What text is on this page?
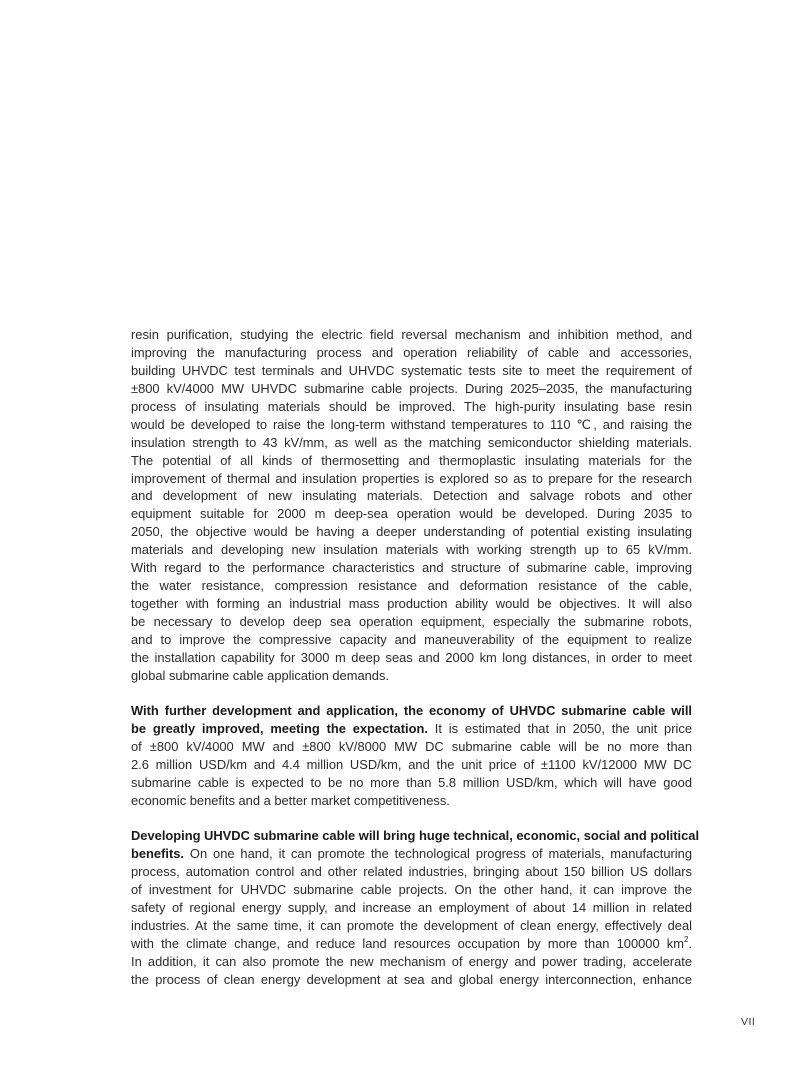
resin purification, studying the electric field reversal mechanism and inhibition method, and
improving the manufacturing process and operation reliability of cable and accessories,
building UHVDC test terminals and UHVDC systematic tests site to meet the requirement of
±800 kV/4000 MW UHVDC submarine cable projects. During 2025–2035, the manufacturing
process of insulating materials should be improved. The high-purity insulating base resin
would be developed to raise the long-term withstand temperatures to 110 ℃, and raising the
insulation strength to 43 kV/mm, as well as the matching semiconductor shielding materials.
The potential of all kinds of thermosetting and thermoplastic insulating materials for the
improvement of thermal and insulation properties is explored so as to prepare for the research
and development of new insulating materials. Detection and salvage robots and other
equipment suitable for 2000 m deep-sea operation would be developed. During 2035 to
2050, the objective would be having a deeper understanding of potential existing insulating
materials and developing new insulation materials with working strength up to 65 kV/mm.
With regard to the performance characteristics and structure of submarine cable, improving
the water resistance, compression resistance and deformation resistance of the cable,
together with forming an industrial mass production ability would be objectives. It will also
be necessary to develop deep sea operation equipment, especially the submarine robots,
and to improve the compressive capacity and maneuverability of the equipment to realize
the installation capability for 3000 m deep seas and 2000 km long distances, in order to meet
global submarine cable application demands.
With further development and application, the economy of UHVDC submarine cable will
be greatly improved, meeting the expectation. It is estimated that in 2050, the unit price
of ±800 kV/4000 MW and ±800 kV/8000 MW DC submarine cable will be no more than
2.6 million USD/km and 4.4 million USD/km, and the unit price of ±1100 kV/12000 MW DC
submarine cable is expected to be no more than 5.8 million USD/km, which will have good
economic benefits and a better market competitiveness.
Developing UHVDC submarine cable will bring huge technical, economic, social and political
benefits. On one hand, it can promote the technological progress of materials, manufacturing
process, automation control and other related industries, bringing about 150 billion US dollars
of investment for UHVDC submarine cable projects. On the other hand, it can improve the
safety of regional energy supply, and increase an employment of about 14 million in related
industries. At the same time, it can promote the development of clean energy, effectively deal
with the climate change, and reduce land resources occupation by more than 100000 $km^2$.
In addition, it can also promote the new mechanism of energy and power trading, accelerate
the process of clean energy development at sea and global energy interconnection, enhance
VII
